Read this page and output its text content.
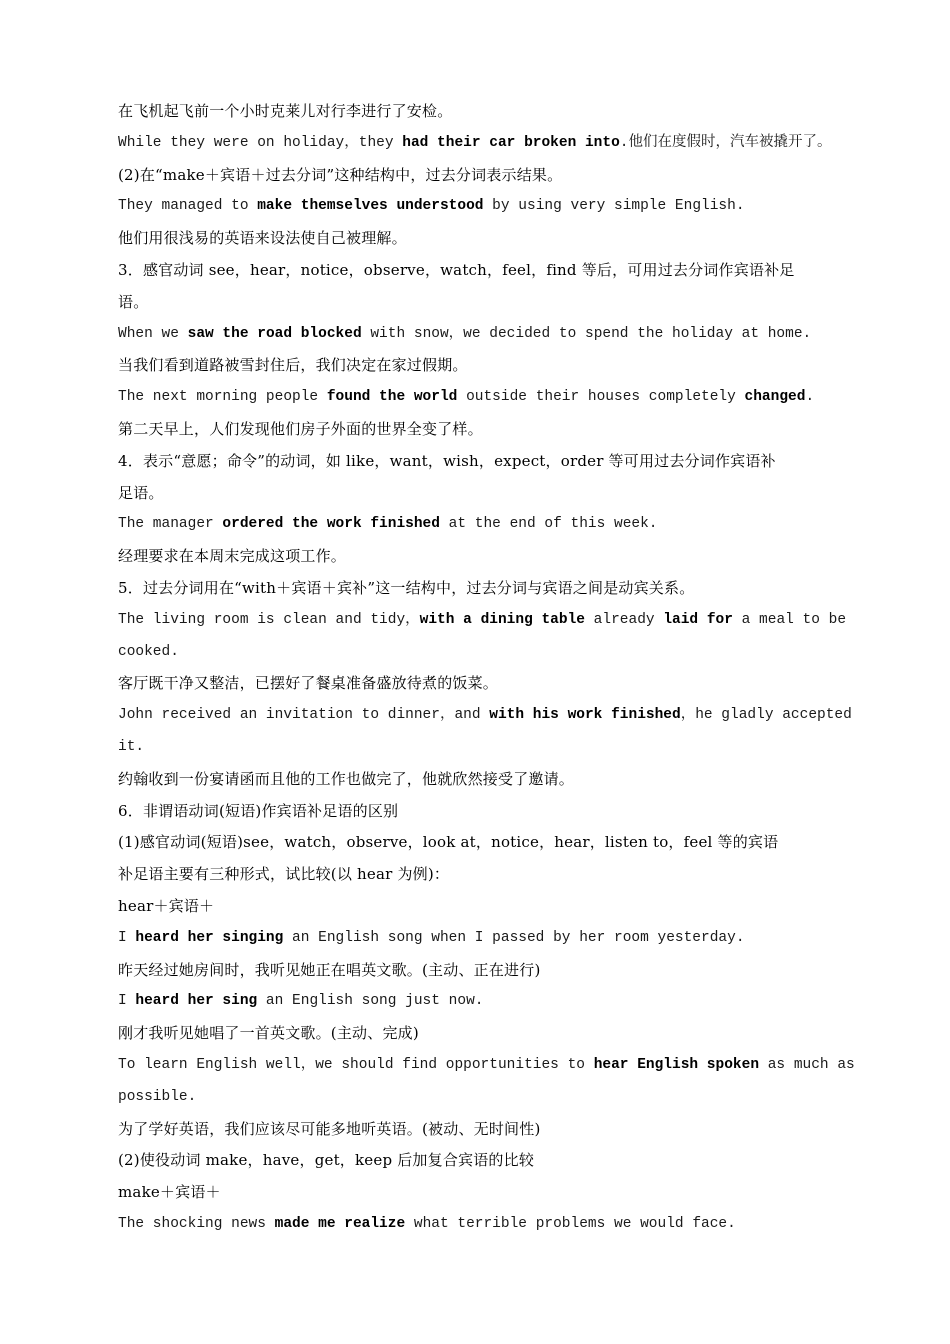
在飞机起飞前一个小时克莱儿对行李进行了安检。
While they were on holiday，they had their car broken into.他们在度假时，汽车被撬开了。
(2)在“make＋宾语＋过去分词”这种结构中，过去分词表示结果。
They managed to make themselves understood by using very simple English.
他们用很浅易的英语来设法使自己被理解。
3．感官动词 see，hear，notice，observe，watch，feel，find 等后，可用过去分词作宾语补足
语。
When we saw the road blocked with snow，we decided to spend the holiday at home.
当我们看到道路被雪封住后，我们决定在家过假期。
The next morning people found the world outside their houses completely changed.
第二天早上，人们发现他们房子外面的世界全变了样。
4．表示“意愿；命令”的动词，如 like，want，wish，expect，order 等可用过去分词作宾语补
足语。
The manager ordered the work finished at the end of this week.
经理要求在本周末完成这项工作。
5．过去分词用在“with＋宾语＋宾补”这一结构中，过去分词与宾语之间是动宾关系。
The living room is clean and tidy，with a dining table already laid for a meal to be
cooked.
客厅既干净又整洁，已摆好了餐桌准备盛放待煮的饭菜。
John received an invitation to dinner，and with his work finished，he gladly accepted
it.
约翰收到一份宴请函而且他的工作也做完了，他就欣然接受了邀请。
6．非谓语动词(短语)作宾语补足语的区别
(1)感官动词(短语)see，watch，observe，look at，notice，hear，listen to，feel 等的宾语
补足语主要有三种形式，试比较(以 hear 为例)：
hear＋宾语＋
I heard her singing an English song when I passed by her room yesterday.
昨天经过她房间时，我听见她正在唱英文歌。(主动、正在进行)
I heard her sing an English song just now.
刚才我听见她唱了一首英文歌。(主动、完成)
To learn English well，we should find opportunities to hear English spoken as much as
possible.
为了学好英语，我们应该尽可能多地听英语。(被动、无时间性)
(2)使役动词 make，have，get，keep 后加复合宾语的比较
make＋宾语＋
The shocking news made me realize what terrible problems we would face.
